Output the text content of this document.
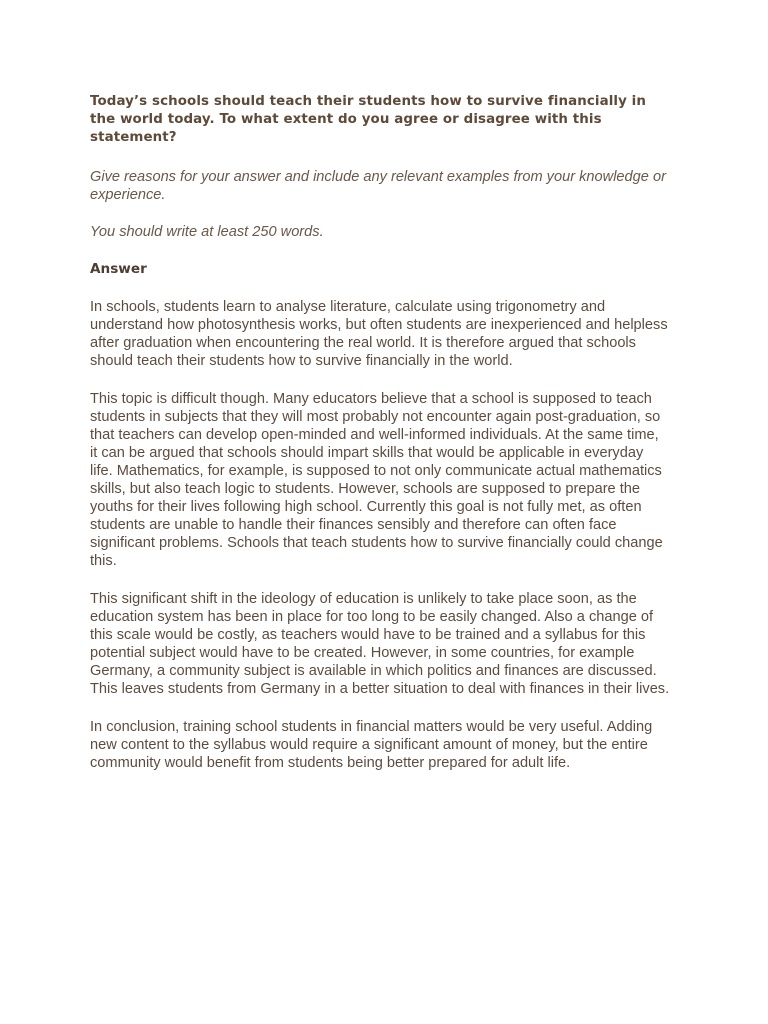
Today’s schools should teach their students how to survive financially in the world today. To what extent do you agree or disagree with this statement?

Give reasons for your answer and include any relevant examples from your knowledge or experience.

You should write at least 250 words.

Answer

In schools, students learn to analyse literature, calculate using trigonometry and understand how photosynthesis works, but often students are inexperienced and helpless after graduation when encountering the real world. It is therefore argued that schools should teach their students how to survive financially in the world.

This topic is difficult though. Many educators believe that a school is supposed to teach students in subjects that they will most probably not encounter again post-graduation, so that teachers can develop open-minded and well-informed individuals. At the same time, it can be argued that schools should impart skills that would be applicable in everyday life. Mathematics, for example, is supposed to not only communicate actual mathematics skills, but also teach logic to students. However, schools are supposed to prepare the youths for their lives following high school. Currently this goal is not fully met, as often students are unable to handle their finances sensibly and therefore can often face significant problems. Schools that teach students how to survive financially could change this.

This significant shift in the ideology of education is unlikely to take place soon, as the education system has been in place for too long to be easily changed. Also a change of this scale would be costly, as teachers would have to be trained and a syllabus for this potential subject would have to be created. However, in some countries, for example Germany, a community subject is available in which politics and finances are discussed. This leaves students from Germany in a better situation to deal with finances in their lives.

In conclusion, training school students in financial matters would be very useful. Adding new content to the syllabus would require a significant amount of money, but the entire community would benefit from students being better prepared for adult life.
